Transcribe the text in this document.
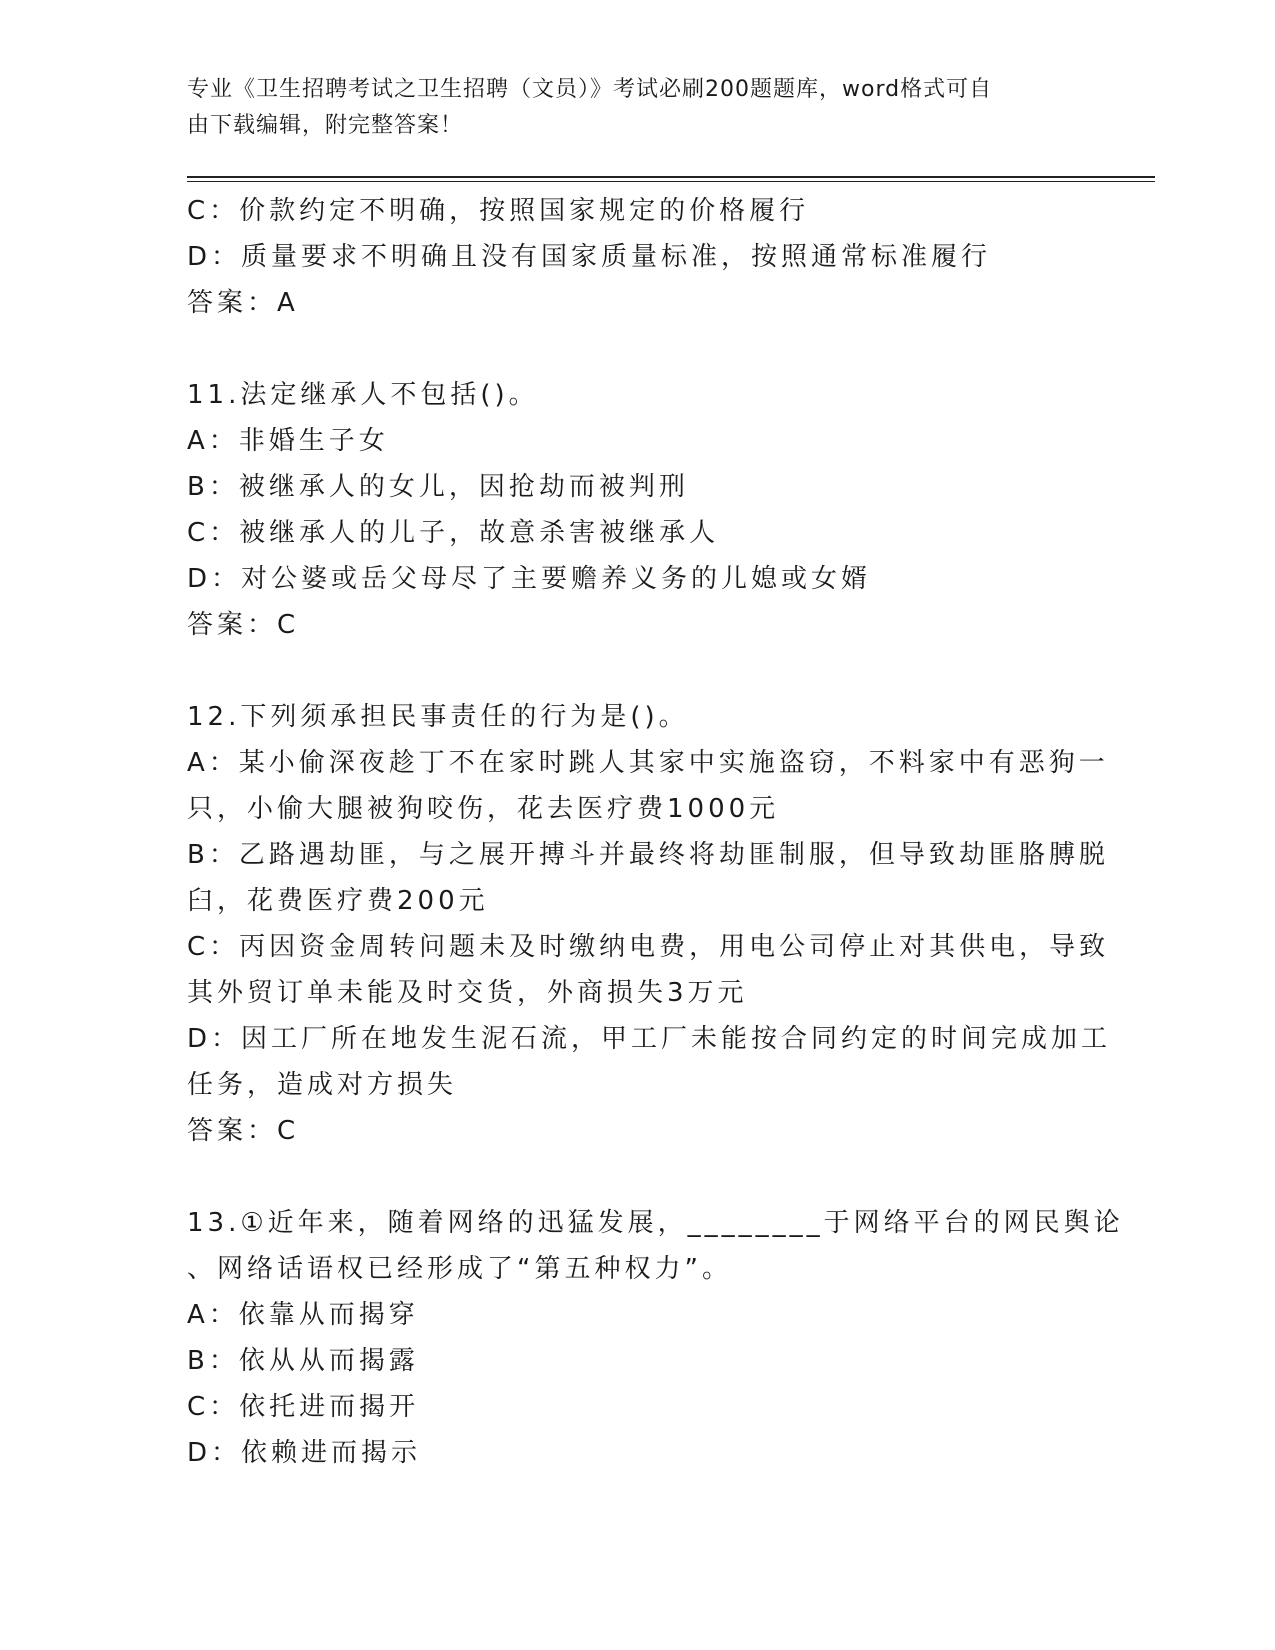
专业《卫生招聘考试之卫生招聘（文员）》考试必刷200题题库，word格式可自
由下载编辑，附完整答案！
C：价款约定不明确，按照国家规定的价格履行
D：质量要求不明确且没有国家质量标准，按照通常标准履行
答案：A
11.法定继承人不包括()。
A：非婚生子女
B：被继承人的女儿，因抢劫而被判刑
C：被继承人的儿子，故意杀害被继承人
D：对公婆或岳父母尽了主要赡养义务的儿媳或女婿
答案：C
12.下列须承担民事责任的行为是()。
A：某小偷深夜趁丁不在家时跳人其家中实施盗窃，不料家中有恶狗一
只，小偷大腿被狗咬伤，花去医疗费1000元
B：乙路遇劫匪，与之展开搏斗并最终将劫匪制服，但导致劫匪胳膊脱
臼，花费医疗费200元
C：丙因资金周转问题未及时缴纳电费，用电公司停止对其供电，导致
其外贸订单未能及时交货，外商损失3万元
D：因工厂所在地发生泥石流，甲工厂未能按合同约定的时间完成加工
任务，造成对方损失
答案：C
13.①近年来，随着网络的迅猛发展，________于网络平台的网民舆论
、网络话语权已经形成了“第五种权力”。
A：依靠从而揭穿
B：依从从而揭露
C：依托进而揭开
D：依赖进而揭示
